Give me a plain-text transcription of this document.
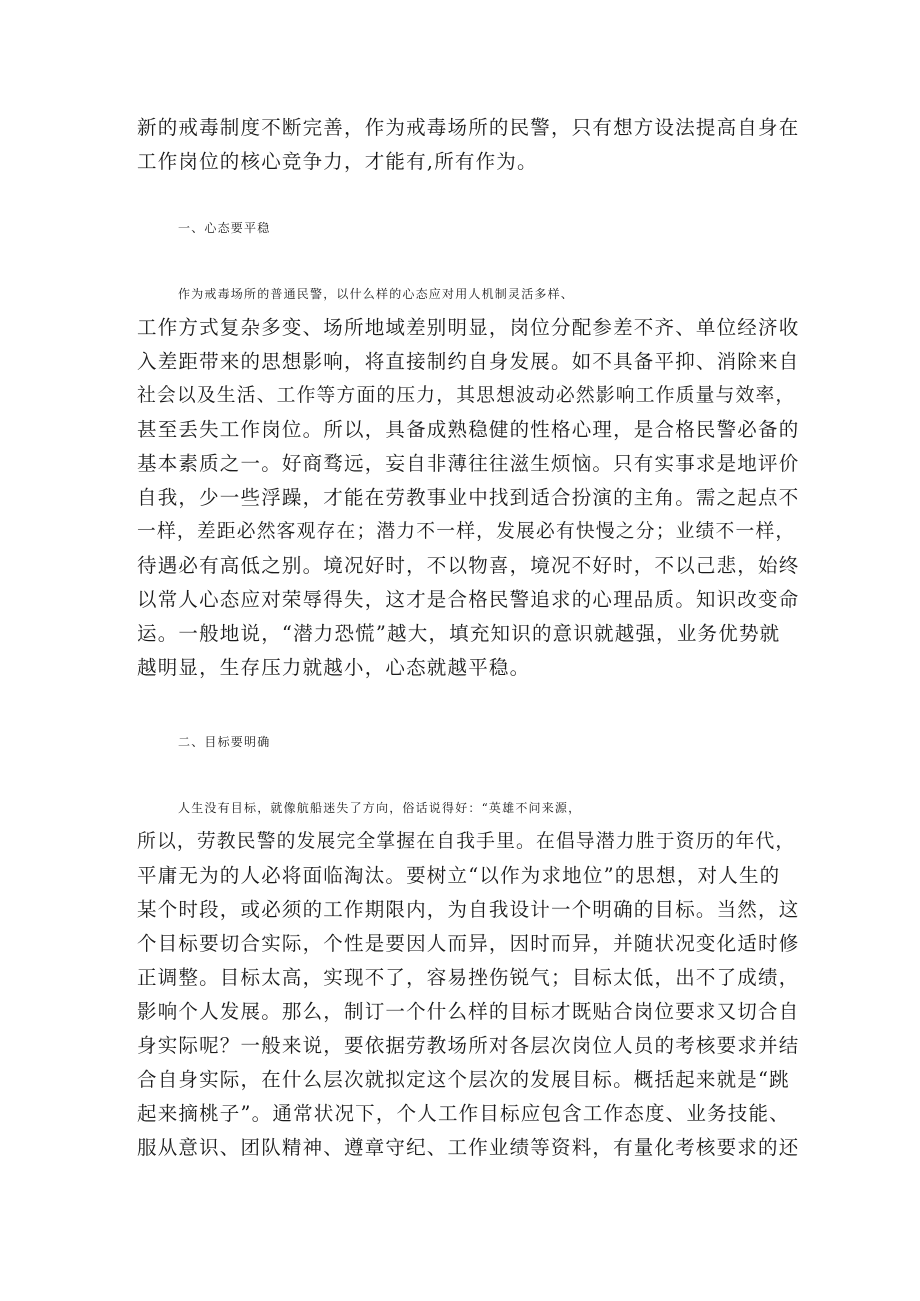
新的戒毒制度不断完善，作为戒毒场所的民警，只有想方设法提高自身在
工作岗位的核心竞争力，才能有,所有作为。
一、心态要平稳
作为戒毒场所的普通民警，以什么样的心态应对用人机制灵活多样、
工作方式复杂多变、场所地域差别明显，岗位分配参差不齐、单位经济收
入差距带来的思想影响，将直接制约自身发展。如不具备平抑、消除来自
社会以及生活、工作等方面的压力，其思想波动必然影响工作质量与效率，
甚至丢失工作岗位。所以，具备成熟稳健的性格心理，是合格民警必备的
基本素质之一。好商骛远，妄自非薄往往滋生烦恼。只有实事求是地评价
自我，少一些浮躁，才能在劳教事业中找到适合扮演的主角。需之起点不
一样，差距必然客观存在；潜力不一样，发展必有快慢之分；业绩不一样，
待遇必有高低之别。境况好时，不以物喜，境况不好时，不以己悲，始终
以常人心态应对荣辱得失，这才是合格民警追求的心理品质。知识改变命
运。一般地说，“潜力恐慌”越大，填充知识的意识就越强，业务优势就
越明显，生存压力就越小，心态就越平稳。
二、目标要明确
人生没有目标，就像航船迷失了方向，俗话说得好：“英雄不问来源，
所以，劳教民警的发展完全掌握在自我手里。在倡导潜力胜于资历的年代，
平庸无为的人必将面临淘汰。要树立“以作为求地位”的思想，对人生的
某个时段，或必须的工作期限内，为自我设计一个明确的目标。当然，这
个目标要切合实际，个性是要因人而异，因时而异，并随状况变化适时修
正调整。目标太高，实现不了，容易挫伤锐气；目标太低，出不了成绩，
影响个人发展。那么，制订一个什么样的目标才既贴合岗位要求又切合自
身实际呢？一般来说，要依据劳教场所对各层次岗位人员的考核要求并结
合自身实际，在什么层次就拟定这个层次的发展目标。概括起来就是“跳
起来摘桃子”。通常状况下，个人工作目标应包含工作态度、业务技能、
服从意识、团队精神、遵章守纪、工作业绩等资料，有量化考核要求的还
